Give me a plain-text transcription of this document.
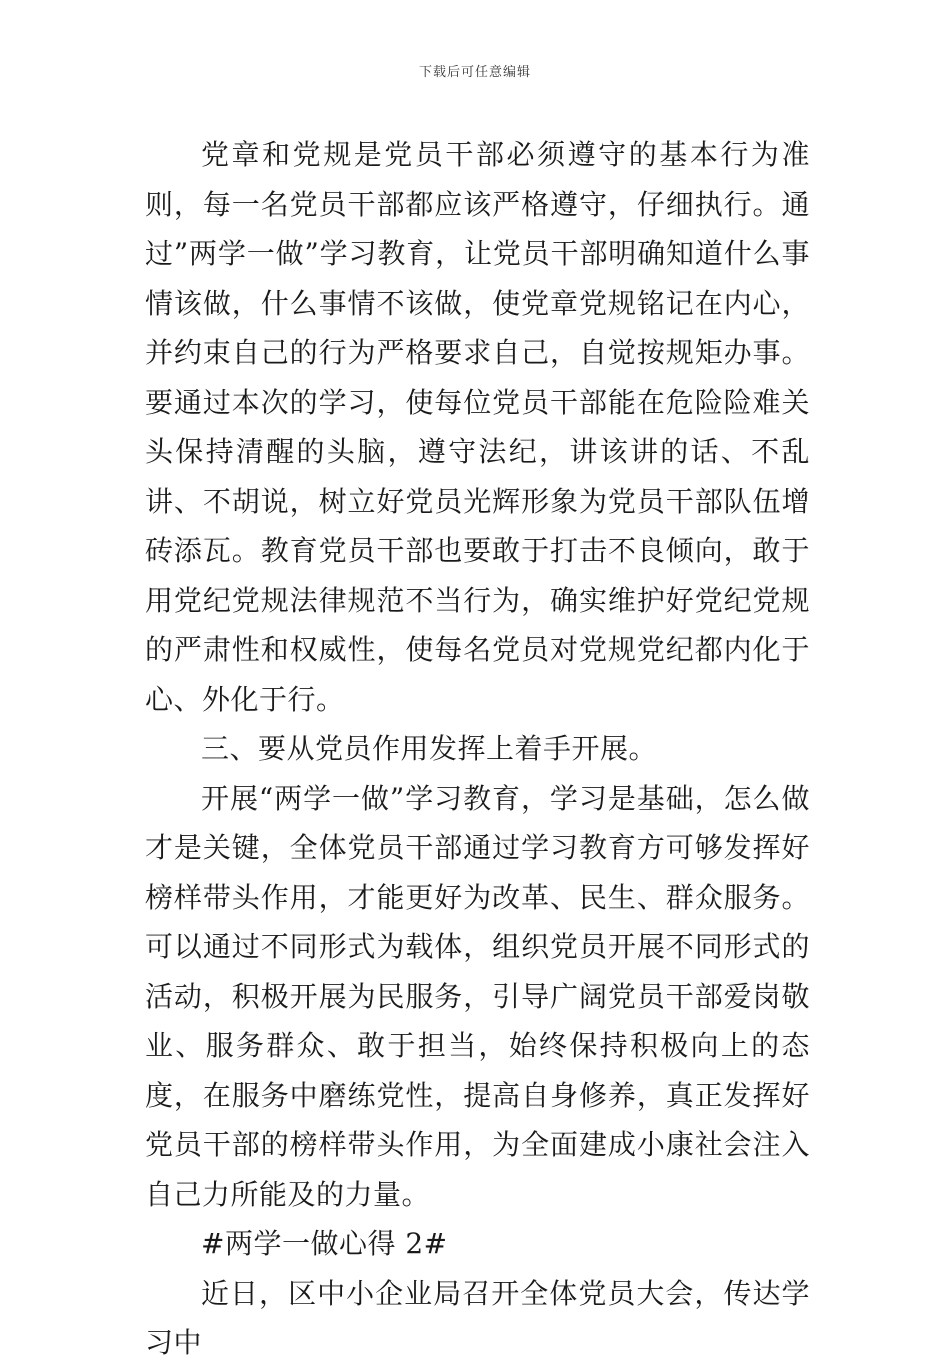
下载后可任意编辑

党章和党规是党员干部必须遵守的基本行为准则，每一名党员干部都应该严格遵守，仔细执行。通过”两学一做”学习教育，让党员干部明确知道什么事情该做，什么事情不该做，使党章党规铭记在内心，并约束自己的行为严格要求自己，自觉按规矩办事。要通过本次的学习，使每位党员干部能在危险险难关头保持清醒的头脑，遵守法纪，讲该讲的话、不乱讲、不胡说，树立好党员光辉形象为党员干部队伍增砖添瓦。教育党员干部也要敢于打击不良倾向，敢于用党纪党规法律规范不当行为，确实维护好党纪党规的严肃性和权威性，使每名党员对党规党纪都内化于心、外化于行。

三、要从党员作用发挥上着手开展。

开展“两学一做”学习教育，学习是基础，怎么做才是关键，全体党员干部通过学习教育方可够发挥好榜样带头作用，才能更好为改革、民生、群众服务。可以通过不同形式为载体，组织党员开展不同形式的活动，积极开展为民服务，引导广阔党员干部爱岗敬业、服务群众、敢于担当，始终保持积极向上的态度，在服务中磨练党性，提高自身修养，真正发挥好党员干部的榜样带头作用，为全面建成小康社会注入自己力所能及的力量。

#两学一做心得 2#

近日，区中小企业局召开全体党员大会，传达学习中
